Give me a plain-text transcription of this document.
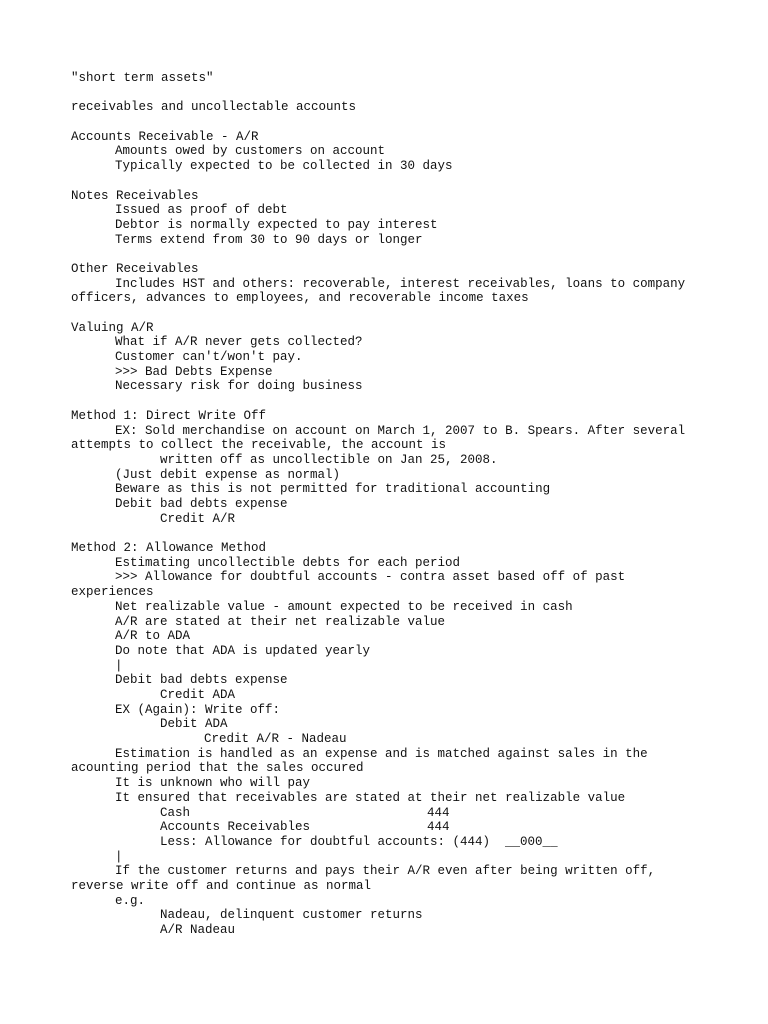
"short term assets"
receivables and uncollectable accounts
Accounts Receivable - A/R
Amounts owed by customers on account
Typically expected to be collected in 30 days
Notes Receivables
Issued as proof of debt
Debtor is normally expected to pay interest
Terms extend from 30 to 90 days or longer
Other Receivables
Includes HST and others: recoverable, interest receivables, loans to company officers, advances to employees, and recoverable income taxes
Valuing A/R
What if A/R never gets collected?
Customer can't/won't pay.
>>> Bad Debts Expense
Necessary risk for doing business
Method 1: Direct Write Off
EX: Sold merchandise on account on March 1, 2007 to B. Spears. After several attempts to collect the receivable, the account is
written off as uncollectible on Jan 25, 2008.
(Just debit expense as normal)
Beware as this is not permitted for traditional accounting
Debit bad debts expense
Credit A/R
Method 2: Allowance Method
Estimating uncollectible debts for each period
>>> Allowance for doubtful accounts - contra asset based off of past experiences
Net realizable value - amount expected to be received in cash
A/R are stated at their net realizable value
A/R to ADA
Do note that ADA is updated yearly
|
Debit bad debts expense
Credit ADA
EX (Again): Write off:
Debit ADA
Credit A/R - Nadeau
Estimation is handled as an expense and is matched against sales in the acounting period that the sales occured
It is unknown who will pay
It ensured that receivables are stated at their net realizable value
Cash	444
Accounts Receivables	444
Less: Allowance for doubtful accounts: (444)  __000__
|
If the customer returns and pays their A/R even after being written off, reverse write off and continue as normal
e.g.
Nadeau, delinquent customer returns
A/R Nadeau
